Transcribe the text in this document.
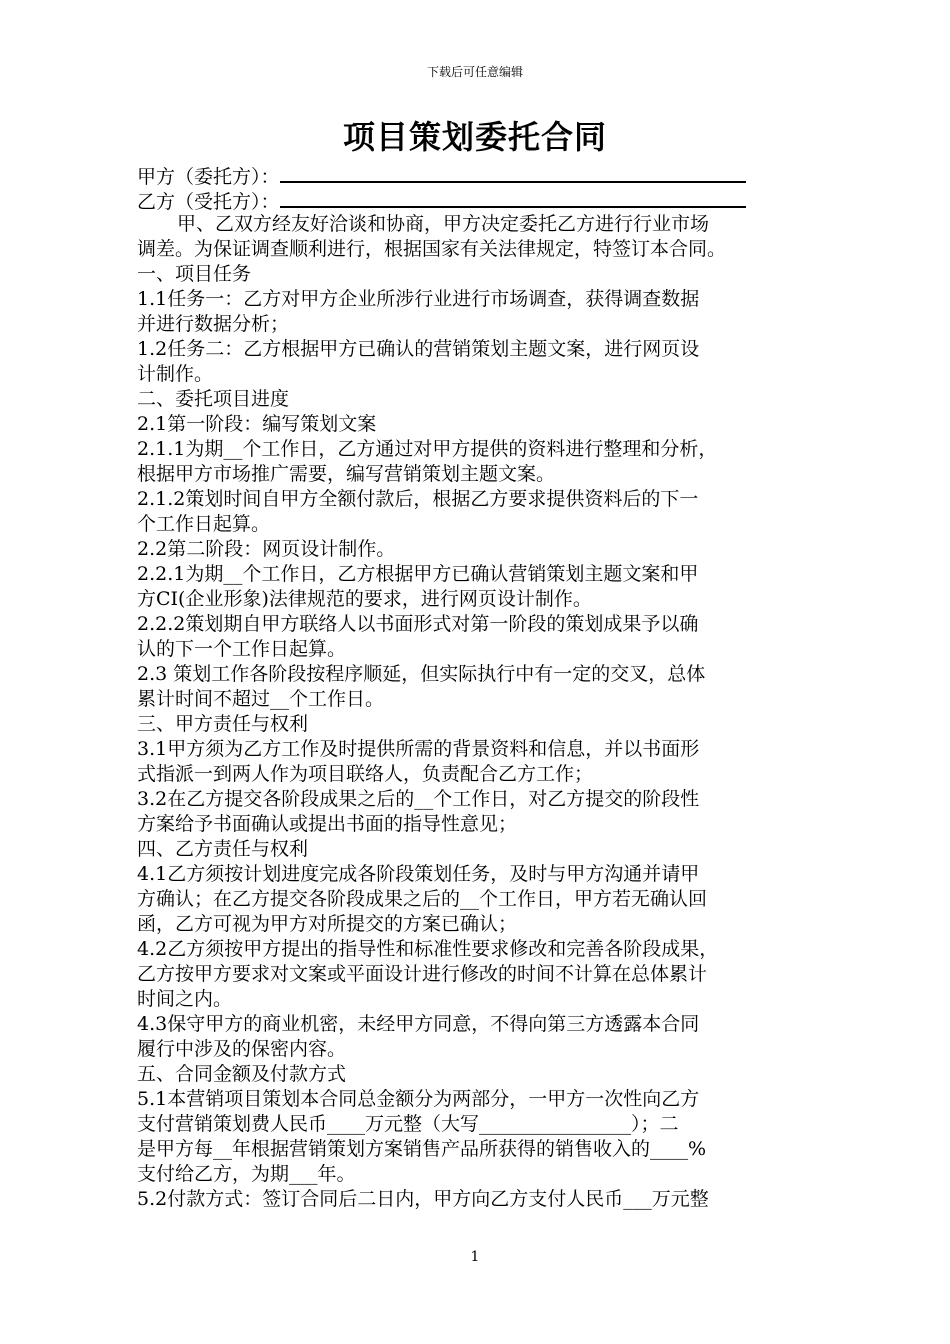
下载后可任意编辑
项目策划委托合同
甲方（委托方）：
乙方（受托方）：
甲、乙双方经友好洽谈和协商，甲方决定委托乙方进行行业市场
调差。为保证调查顺利进行，根据国家有关法律规定，特签订本合同。
一、项目任务
1.1任务一：乙方对甲方企业所涉行业进行市场调查，获得调查数据
并进行数据分析；
1.2任务二：乙方根据甲方已确认的营销策划主题文案，进行网页设
计制作。
二、委托项目进度
2.1第一阶段：编写策划文案
2.1.1为期__个工作日，乙方通过对甲方提供的资料进行整理和分析，
根据甲方市场推广需要，编写营销策划主题文案。
2.1.2策划时间自甲方全额付款后，根据乙方要求提供资料后的下一
个工作日起算。
2.2第二阶段：网页设计制作。
2.2.1为期__个工作日，乙方根据甲方已确认营销策划主题文案和甲
方CI(企业形象)法律规范的要求，进行网页设计制作。
2.2.2策划期自甲方联络人以书面形式对第一阶段的策划成果予以确
认的下一个工作日起算。
2.3 策划工作各阶段按程序顺延，但实际执行中有一定的交叉，总体
累计时间不超过__个工作日。
三、甲方责任与权利
3.1甲方须为乙方工作及时提供所需的背景资料和信息，并以书面形
式指派一到两人作为项目联络人，负责配合乙方工作；
3.2在乙方提交各阶段成果之后的__个工作日，对乙方提交的阶段性
方案给予书面确认或提出书面的指导性意见；
四、乙方责任与权利
4.1乙方须按计划进度完成各阶段策划任务，及时与甲方沟通并请甲
方确认；在乙方提交各阶段成果之后的__个工作日，甲方若无确认回
函，乙方可视为甲方对所提交的方案已确认；
4.2乙方须按甲方提出的指导性和标准性要求修改和完善各阶段成果，
乙方按甲方要求对文案或平面设计进行修改的时间不计算在总体累计
时间之内。
4.3保守甲方的商业机密，未经甲方同意，不得向第三方透露本合同
履行中涉及的保密内容。
五、合同金额及付款方式
5.1本营销项目策划本合同总金额分为两部分，一甲方一次性向乙方
支付营销策划费人民币____万元整（大写________________）；二
是甲方每__年根据营销策划方案销售产品所获得的销售收入的____%
支付给乙方，为期___年。
5.2付款方式：签订合同后二日内，甲方向乙方支付人民币___万元整
1
